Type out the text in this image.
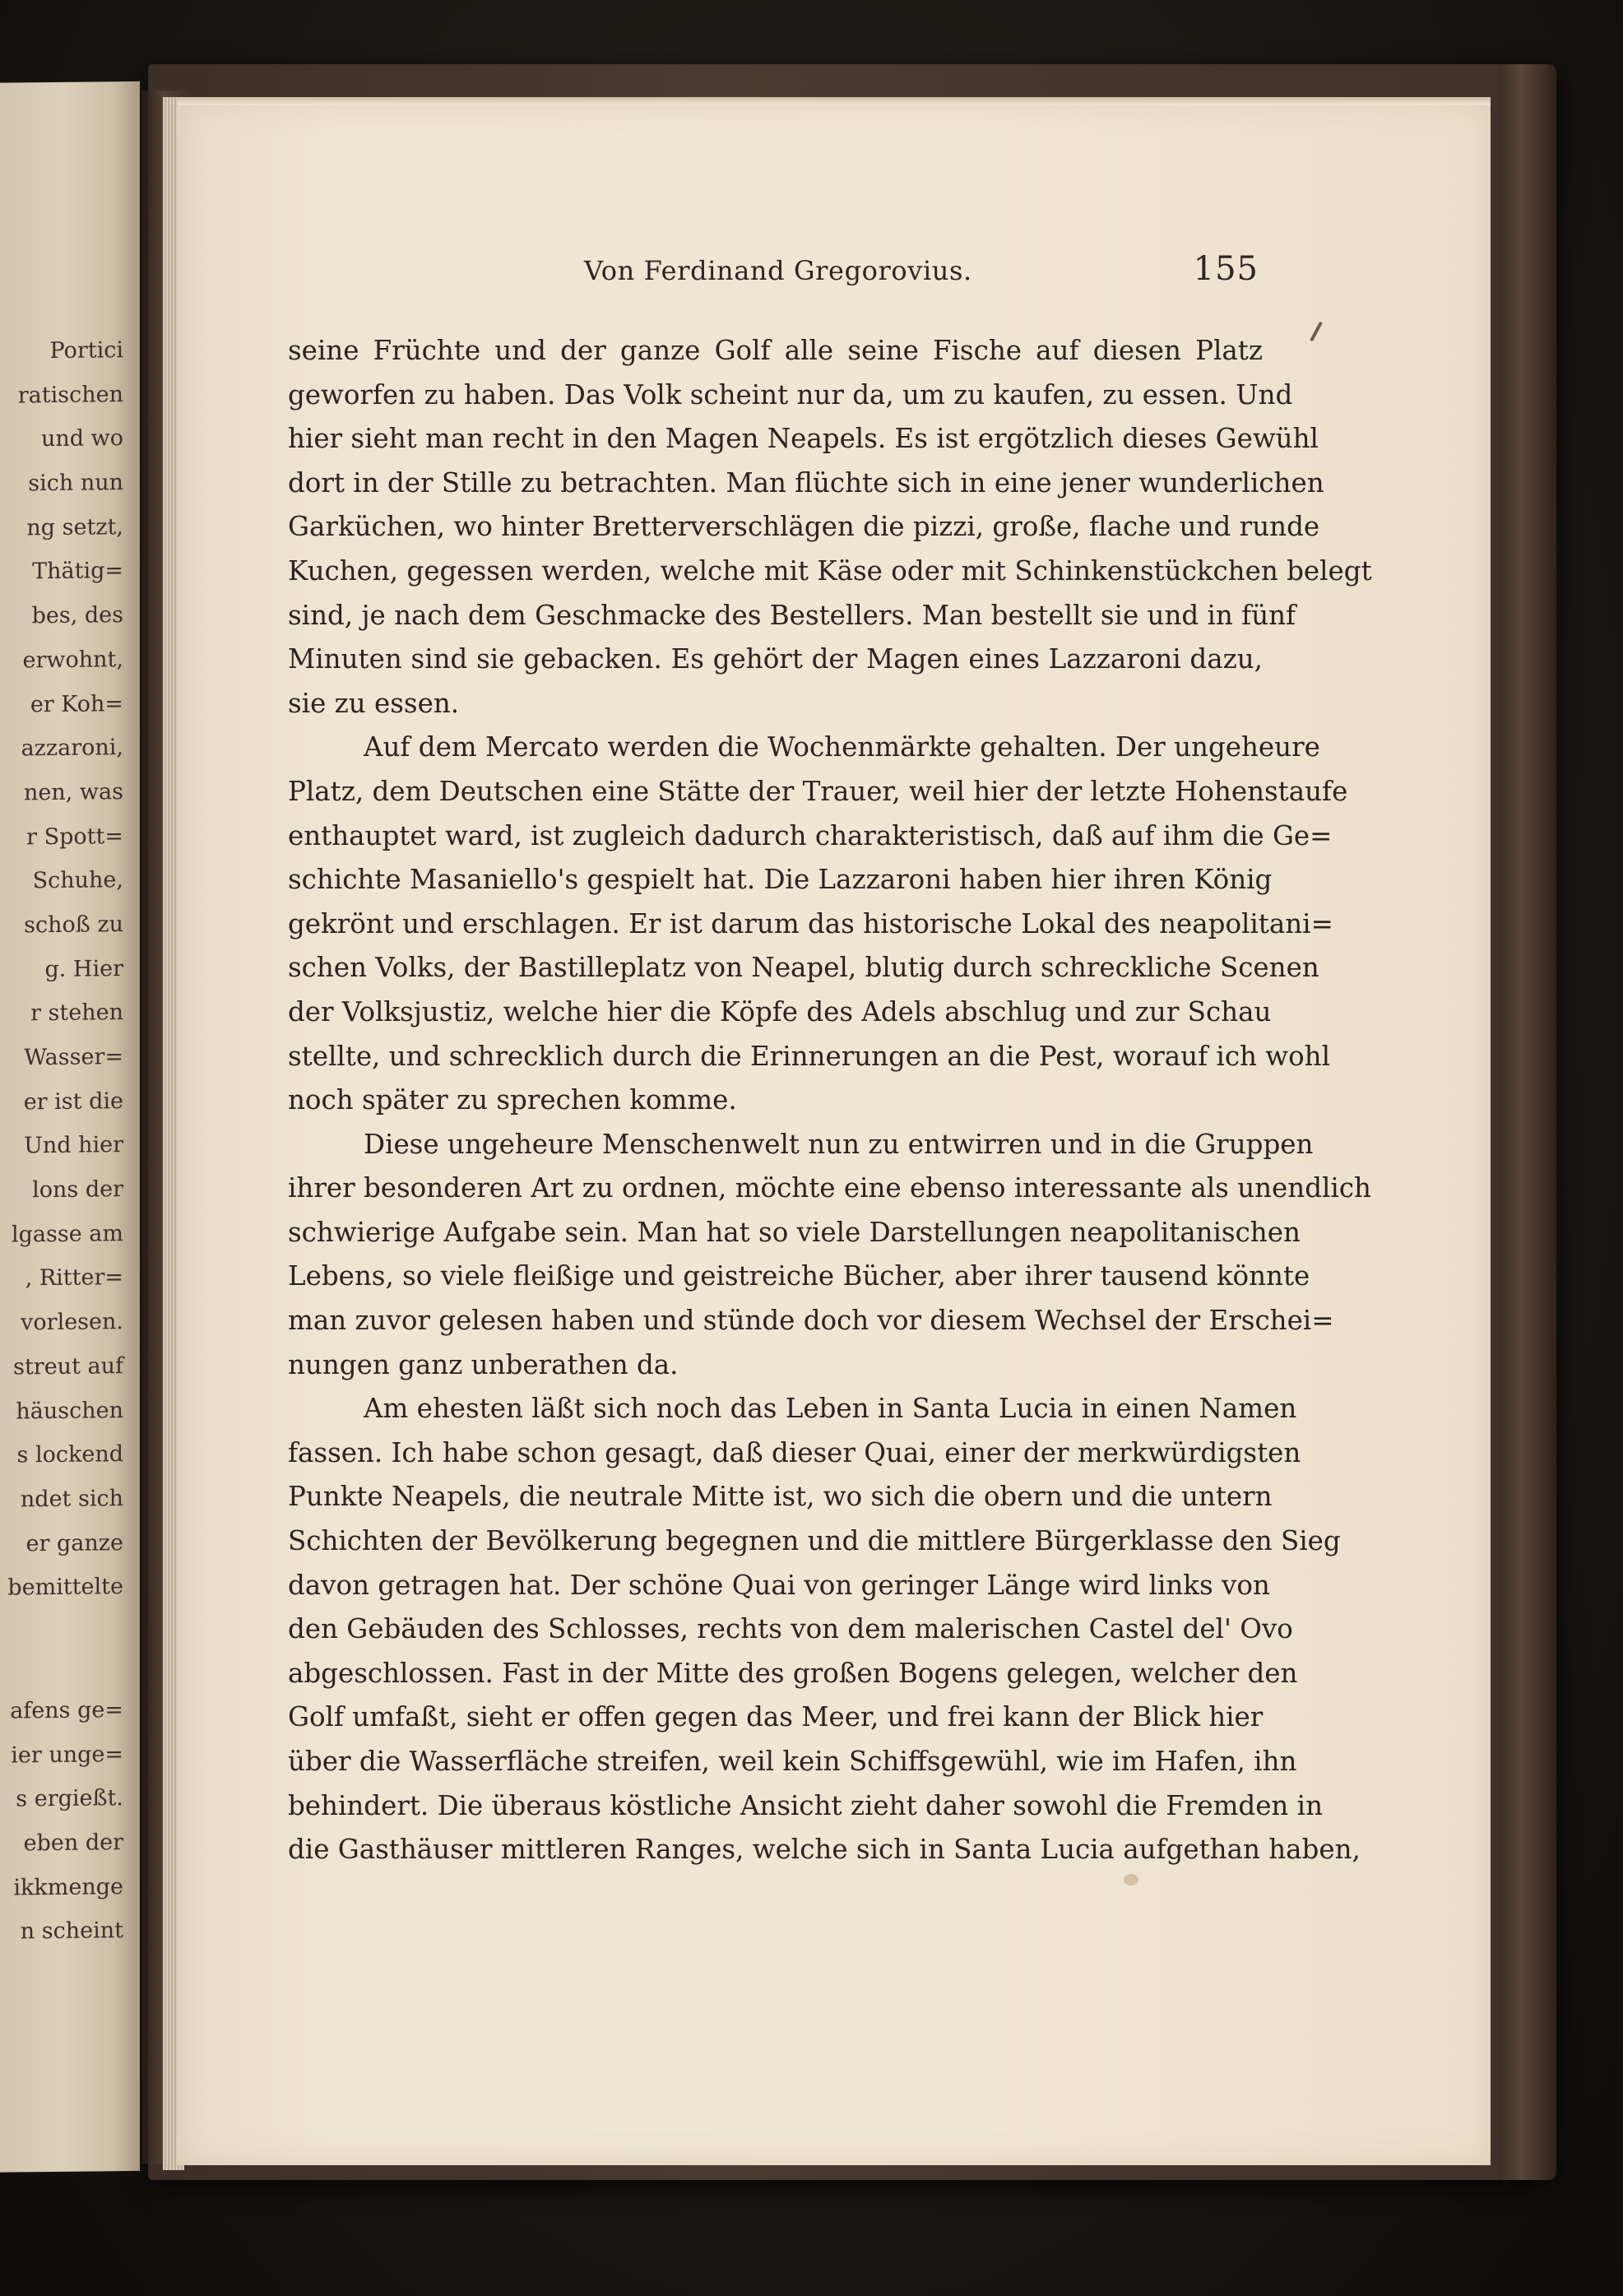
Portici
ratischen
und wo
sich nun
ng setzt,
Thätig=
bes, des
erwohnt,
er Koh=
azzaroni,
nen, was
r Spott=
Schuhe,
schoß zu
g. Hier
r stehen
Wasser=
er ist die
Und hier
lons der
lgasse am
, Ritter=
vorlesen.
streut auf
häuschen
s lockend
ndet sich
er ganze
bemittelte
afens ge=
ier unge=
s ergießt.
eben der
ikkmenge
n scheint
Von Ferdinand Gregorovius.	155
seine Früchte und der ganze Golf alle seine Fische auf diesen Platz
geworfen zu haben. Das Volk scheint nur da, um zu kaufen, zu essen. Und
hier sieht man recht in den Magen Neapels. Es ist ergötzlich dieses Gewühl
dort in der Stille zu betrachten. Man flüchte sich in eine jener wunderlichen
Garküchen, wo hinter Bretterverschlägen die pizzi, große, flache und runde
Kuchen, gegessen werden, welche mit Käse oder mit Schinkenstückchen belegt
sind, je nach dem Geschmacke des Bestellers. Man bestellt sie und in fünf
Minuten sind sie gebacken. Es gehört der Magen eines Lazzaroni dazu,
sie zu essen.
Auf dem Mercato werden die Wochenmärkte gehalten. Der ungeheure
Platz, dem Deutschen eine Stätte der Trauer, weil hier der letzte Hohenstaufe
enthauptet ward, ist zugleich dadurch charakteristisch, daß auf ihm die Ge=
schichte Masaniello's gespielt hat. Die Lazzaroni haben hier ihren König
gekrönt und erschlagen. Er ist darum das historische Lokal des neapolitani=
schen Volks, der Bastilleplatz von Neapel, blutig durch schreckliche Scenen
der Volksjustiz, welche hier die Köpfe des Adels abschlug und zur Schau
stellte, und schrecklich durch die Erinnerungen an die Pest, worauf ich wohl
noch später zu sprechen komme.
Diese ungeheure Menschenwelt nun zu entwirren und in die Gruppen
ihrer besonderen Art zu ordnen, möchte eine ebenso interessante als unendlich
schwierige Aufgabe sein. Man hat so viele Darstellungen neapolitanischen
Lebens, so viele fleißige und geistreiche Bücher, aber ihrer tausend könnte
man zuvor gelesen haben und stünde doch vor diesem Wechsel der Erschei=
nungen ganz unberathen da.
Am ehesten läßt sich noch das Leben in Santa Lucia in einen Namen
fassen. Ich habe schon gesagt, daß dieser Quai, einer der merkwürdigsten
Punkte Neapels, die neutrale Mitte ist, wo sich die obern und die untern
Schichten der Bevölkerung begegnen und die mittlere Bürgerklasse den Sieg
davon getragen hat. Der schöne Quai von geringer Länge wird links von
den Gebäuden des Schlosses, rechts von dem malerischen Castel del' Ovo
abgeschlossen. Fast in der Mitte des großen Bogens gelegen, welcher den
Golf umfaßt, sieht er offen gegen das Meer, und frei kann der Blick hier
über die Wasserfläche streifen, weil kein Schiffsgewühl, wie im Hafen, ihn
behindert. Die überaus köstliche Ansicht zieht daher sowohl die Fremden in
die Gasthäuser mittleren Ranges, welche sich in Santa Lucia aufgethan haben,
